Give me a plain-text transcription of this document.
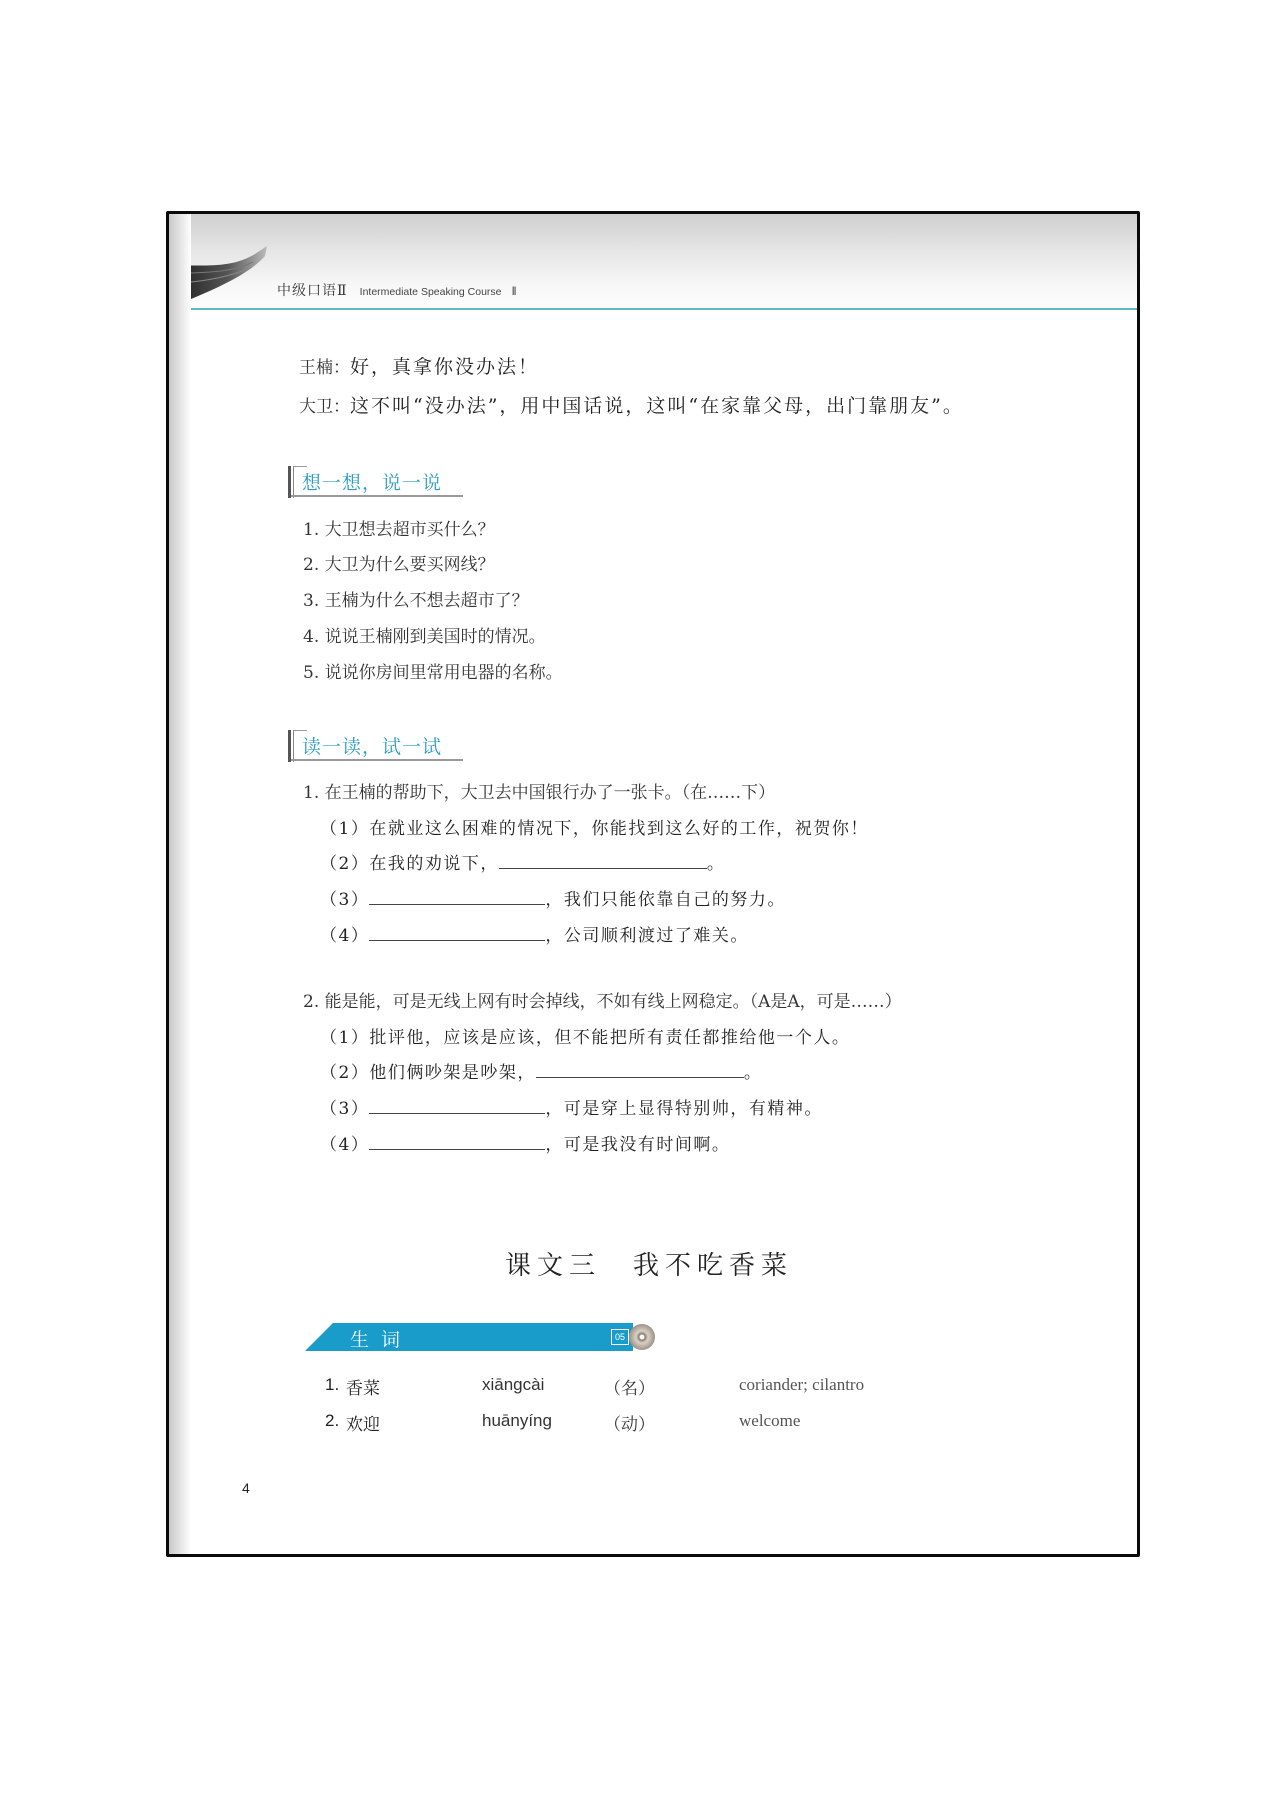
中级口语Ⅱ Intermediate Speaking Course ‖
王楠：好，真拿你没办法！
大卫：这不叫“没办法”，用中国话说，这叫“在家靠父母，出门靠朋友”。
想一想，说一说
1. 大卫想去超市买什么？
2. 大卫为什么要买网线？
3. 王楠为什么不想去超市了？
4. 说说王楠刚到美国时的情况。
5. 说说你房间里常用电器的名称。
读一读，试一试
1. 在王楠的帮助下，大卫去中国银行办了一张卡。（在……下）
（1）在就业这么困难的情况下，你能找到这么好的工作，祝贺你！
（2）在我的劝说下，	。
（3）	，我们只能依靠自己的努力。
（4）	，公司顺利渡过了难关。
2. 能是能，可是无线上网有时会掉线，不如有线上网稳定。（A是A，可是……）
（1）批评他，应该是应该，但不能把所有责任都推给他一个人。
（2）他们俩吵架是吵架，	。
（3）	，可是穿上显得特别帅，有精神。
（4）	，可是我没有时间啊。
课文三　我不吃香菜
生词	05
1. 香菜	xiāngcài	（名）	coriander; cilantro
2. 欢迎	huānyíng	（动）	welcome
4
